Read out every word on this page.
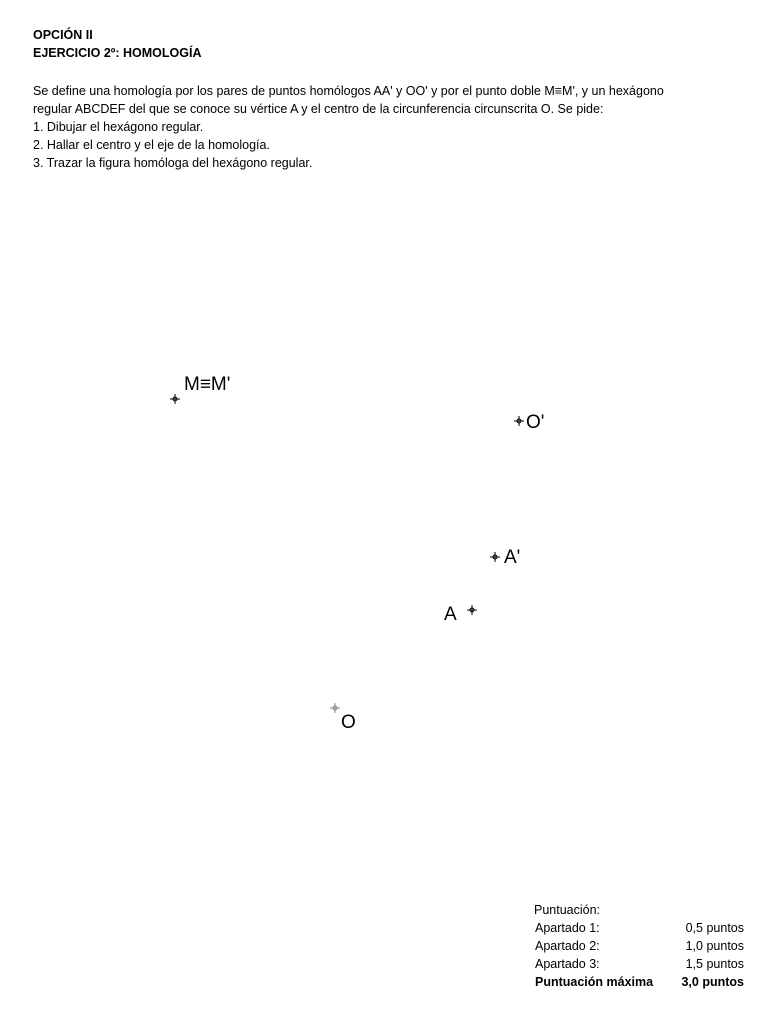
OPCIÓN II

EJERCICIO 2º: HOMOLOGÍA

Se define una homología por los pares de puntos homólogos AA' y OO' y por el punto doble M≡M', y un hexágono

regular ABCDEF del que se conoce su vértice A y el centro de la circunferencia circunscrita O. Se pide:

1. Dibujar el hexágono regular.
2. Hallar el centro y el eje de la homología.
3. Trazar la figura homóloga del hexágono regular.
M≡M'
O'
A'
A
O

Puntuación:

Apartado 1:	0,5 puntos
Apartado 2:	1,0 puntos
Apartado 3:	1,5 puntos
Puntuación máxima 3,0 puntos
